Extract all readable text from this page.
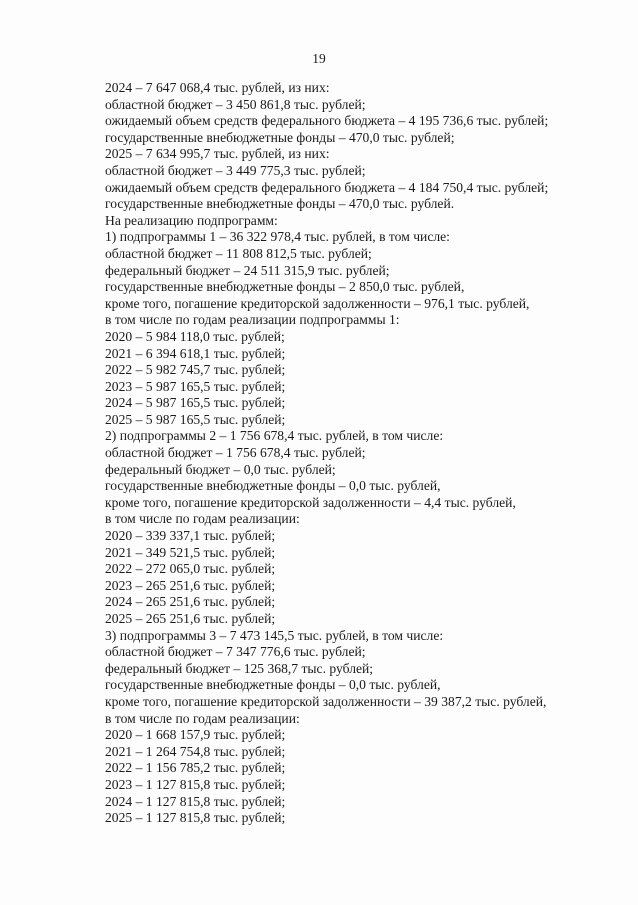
19
2024 – 7 647 068,4 тыс. рублей, из них:
областной бюджет – 3 450 861,8 тыс. рублей;
ожидаемый объем средств федерального бюджета – 4 195 736,6 тыс. рублей;
государственные внебюджетные фонды – 470,0 тыс. рублей;
2025 – 7 634 995,7 тыс. рублей, из них:
областной бюджет – 3 449 775,3 тыс. рублей;
ожидаемый объем средств федерального бюджета – 4 184 750,4 тыс. рублей;
государственные внебюджетные фонды – 470,0 тыс. рублей.
На реализацию подпрограмм:
1) подпрограммы 1 – 36 322 978,4 тыс. рублей, в том числе:
областной бюджет – 11 808 812,5 тыс. рублей;
федеральный бюджет – 24 511 315,9 тыс. рублей;
государственные внебюджетные фонды – 2 850,0 тыс. рублей,
кроме того, погашение кредиторской задолженности – 976,1 тыс. рублей,
в том числе по годам реализации подпрограммы 1:
2020 – 5 984 118,0 тыс. рублей;
2021 – 6 394 618,1 тыс. рублей;
2022 – 5 982 745,7 тыс. рублей;
2023 – 5 987 165,5 тыс. рублей;
2024 – 5 987 165,5 тыс. рублей;
2025 – 5 987 165,5 тыс. рублей;
2) подпрограммы 2 – 1 756 678,4 тыс. рублей, в том числе:
областной бюджет – 1 756 678,4 тыс. рублей;
федеральный бюджет – 0,0 тыс. рублей;
государственные внебюджетные фонды – 0,0 тыс. рублей,
кроме того, погашение кредиторской задолженности – 4,4 тыс. рублей,
в том числе по годам реализации:
2020 – 339 337,1 тыс. рублей;
2021 – 349 521,5 тыс. рублей;
2022 – 272 065,0 тыс. рублей;
2023 – 265 251,6 тыс. рублей;
2024 – 265 251,6 тыс. рублей;
2025 – 265 251,6 тыс. рублей;
3) подпрограммы 3 – 7 473 145,5 тыс. рублей, в том числе:
областной бюджет – 7 347 776,6 тыс. рублей;
федеральный бюджет – 125 368,7 тыс. рублей;
государственные внебюджетные фонды – 0,0 тыс. рублей,
кроме того, погашение кредиторской задолженности – 39 387,2 тыс. рублей,
в том числе по годам реализации:
2020 – 1 668 157,9 тыс. рублей;
2021 – 1 264 754,8 тыс. рублей;
2022 – 1 156 785,2 тыс. рублей;
2023 – 1 127 815,8 тыс. рублей;
2024 – 1 127 815,8 тыс. рублей;
2025 – 1 127 815,8 тыс. рублей;
